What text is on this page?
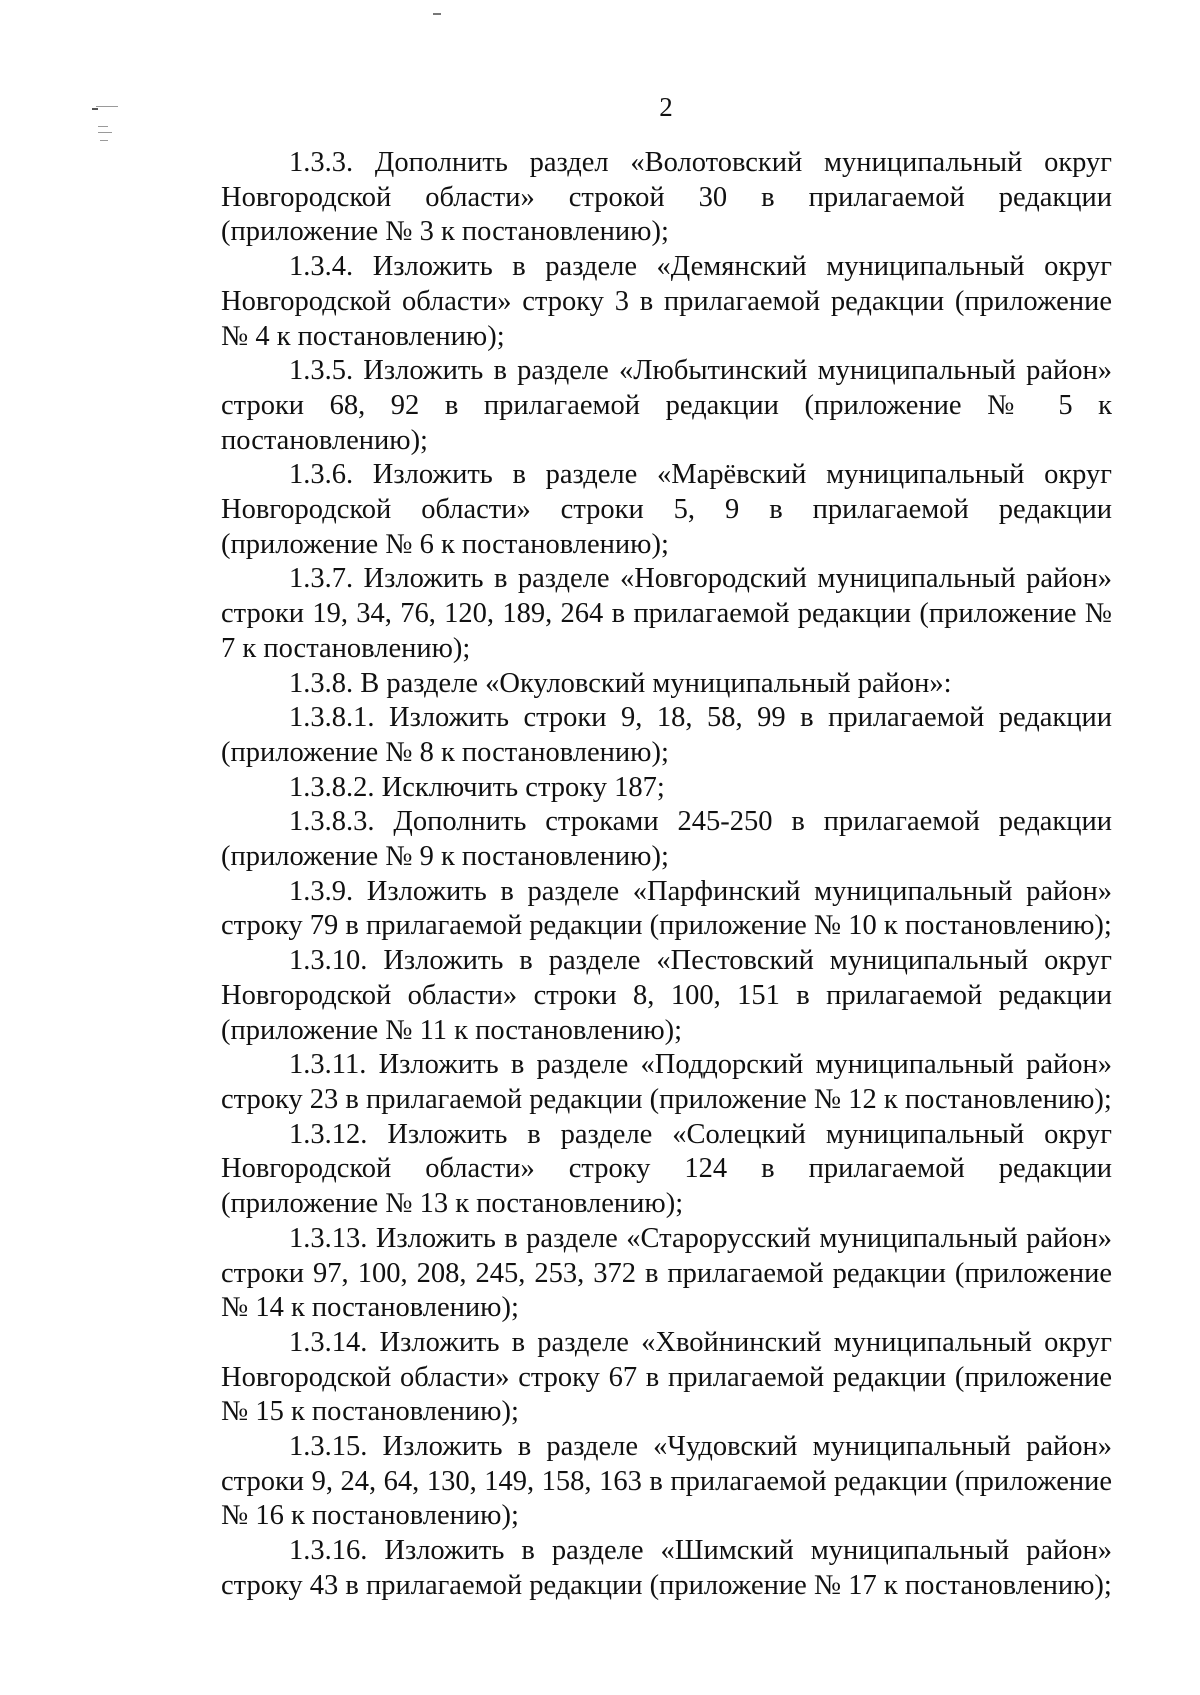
2

1.3.3. Дополнить раздел «Волотовский муниципальный округ Новгородской области» строкой 30 в прилагаемой редакции (приложение № 3 к постановлению);

1.3.4. Изложить в разделе «Демянский муниципальный округ Новгородской области» строку 3 в прилагаемой редакции (приложение № 4 к постановлению);

1.3.5. Изложить в разделе «Любытинский муниципальный район» строки 68, 92 в прилагаемой редакции (приложение № 5 к постановлению);

1.3.6. Изложить в разделе «Марёвский муниципальный округ Новгородской области» строки 5, 9 в прилагаемой редакции (приложение № 6 к постановлению);

1.3.7. Изложить в разделе «Новгородский муниципальный район» строки 19, 34, 76, 120, 189, 264 в прилагаемой редакции (приложение № 7 к постановлению);

1.3.8. В разделе «Окуловский муниципальный район»:

1.3.8.1. Изложить строки 9, 18, 58, 99 в прилагаемой редакции (приложение № 8 к постановлению);

1.3.8.2. Исключить строку 187;

1.3.8.3. Дополнить строками 245-250 в прилагаемой редакции (приложение № 9 к постановлению);

1.3.9. Изложить в разделе «Парфинский муниципальный район» строку 79 в прилагаемой редакции (приложение № 10 к постановлению);

1.3.10. Изложить в разделе «Пестовский муниципальный округ Новгородской области» строки 8, 100, 151 в прилагаемой редакции (приложение № 11 к постановлению);

1.3.11. Изложить в разделе «Поддорский муниципальный район» строку 23 в прилагаемой редакции (приложение № 12 к постановлению);

1.3.12. Изложить в разделе «Солецкий муниципальный округ Новгородской области» строку 124 в прилагаемой редакции (приложение № 13 к постановлению);

1.3.13. Изложить в разделе «Старорусский муниципальный район» строки 97, 100, 208, 245, 253, 372 в прилагаемой редакции (приложение № 14 к постановлению);

1.3.14. Изложить в разделе «Хвойнинский муниципальный округ Новгородской области» строку 67 в прилагаемой редакции (приложение № 15 к постановлению);

1.3.15. Изложить в разделе «Чудовский муниципальный район» строки 9, 24, 64, 130, 149, 158, 163 в прилагаемой редакции (приложение № 16 к постановлению);

1.3.16. Изложить в разделе «Шимский муниципальный район» строку 43 в прилагаемой редакции (приложение № 17 к постановлению);
